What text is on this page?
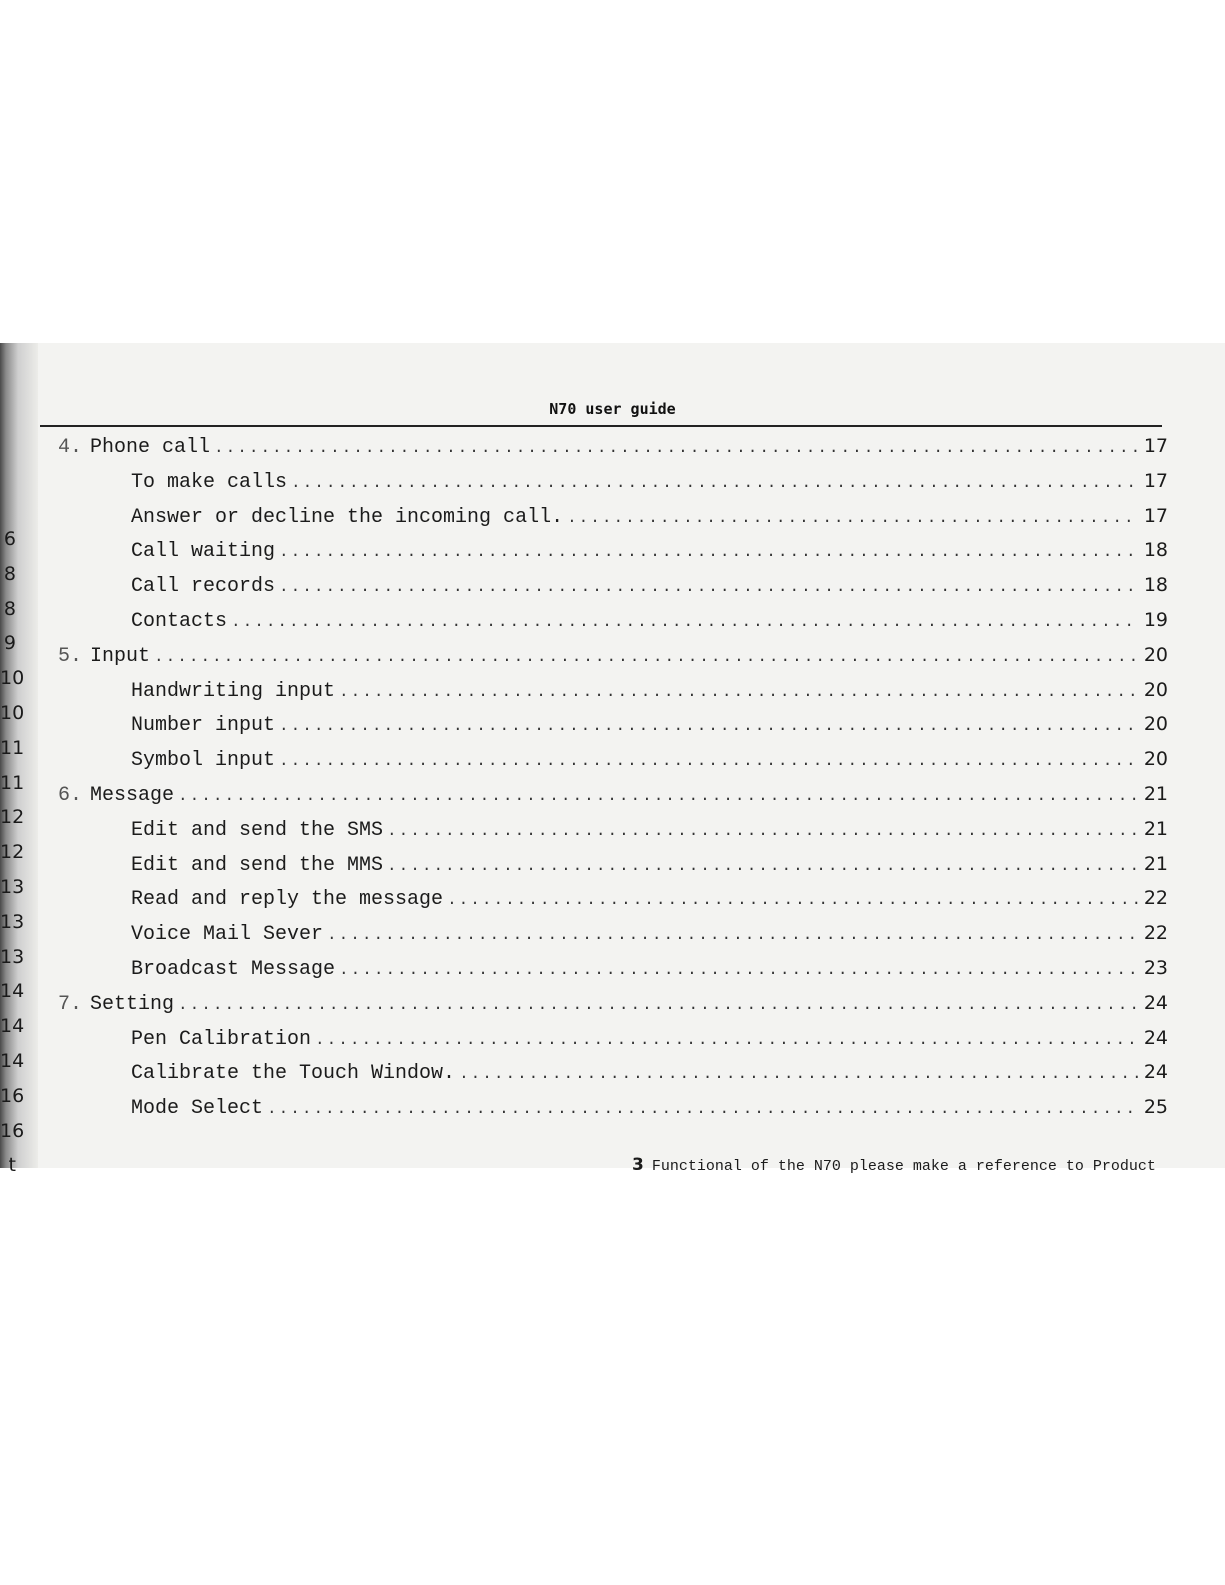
6
8
8
9
10
10
11
11
12
12
13
13
13
14
14
14
16
16
t
N70 user guide
4. Phone call .....	17
To make calls .....	17
Answer or decline the incoming call. .....	17
Call waiting .....	18
Call records .....	18
Contacts .....	19
5. Input .....	20
Handwriting input .....	20
Number input .....	20
Symbol input .....	20
6. Message .....	21
Edit and send the SMS .....	21
Edit and send the MMS .....	21
Read and reply the message .....	22
Voice Mail Sever .....	22
Broadcast Message .....	23
7. Setting .....	24
Pen Calibration .....	24
Calibrate the Touch Window. .....	24
Mode Select .....	25
3 Functional of the N70 please make a reference to Product
